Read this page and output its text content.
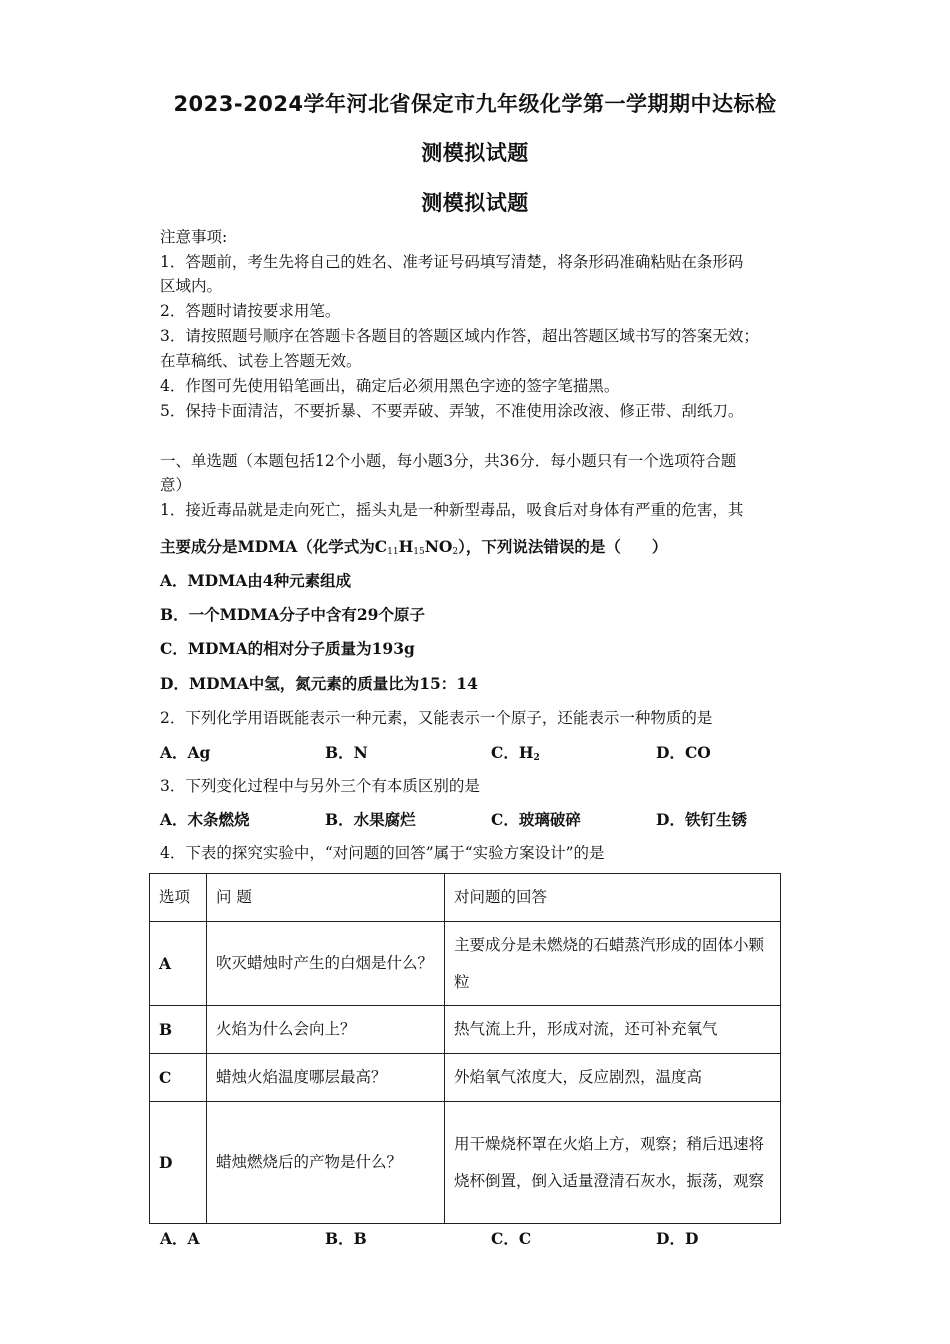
2023-2024学年河北省保定市九年级化学第一学期期中达标检
测模拟试题
测模拟试题
注意事项:
1．答题前，考生先将自己的姓名、准考证号码填写清楚，将条形码准确粘贴在条形码
区域内。
2．答题时请按要求用笔。
3．请按照题号顺序在答题卡各题目的答题区域内作答，超出答题区域书写的答案无效；
在草稿纸、试卷上答题无效。
4．作图可先使用铅笔画出，确定后必须用黑色字迹的签字笔描黑。
5．保持卡面清洁，不要折暴、不要弄破、弄皱，不准使用涂改液、修正带、刮纸刀。
一、单选题（本题包括12个小题，每小题3分，共36分．每小题只有一个选项符合题
意）
1．接近毒品就是走向死亡，摇头丸是一种新型毒品，吸食后对身体有严重的危害，其
主要成分是MDMA（化学式为$C_{11}H_{15}NO_2$），下列说法错误的是（　　）
A．MDMA由4种元素组成
B．一个MDMA分子中含有29个原子
C．MDMA的相对分子质量为193g
D．MDMA中氢，氮元素的质量比为15：14
2．下列化学用语既能表示一种元素，又能表示一个原子，还能表示一种物质的是
A．Ag	B．N	C．$H_2$	D．CO
3．下列变化过程中与另外三个有本质区别的是
A．木条燃烧	B．水果腐烂	C．玻璃破碎	D．铁钉生锈
4．下表的探究实验中，“对问题的回答”属于“实验方案设计”的是
选项	问 题	对问题的回答
A	吹灭蜡烛时产生的白烟是什么？	主要成分是未燃烧的石蜡蒸汽形成的固体小颗粒
B	火焰为什么会向上？	热气流上升，形成对流，还可补充氧气
C	蜡烛火焰温度哪层最高？	外焰氧气浓度大，反应剧烈，温度高
D	蜡烛燃烧后的产物是什么？	用干燥烧杯罩在火焰上方，观察；稍后迅速将烧杯倒置，倒入适量澄清石灰水，振荡，观察
A．A	B．B	C．C	D．D
